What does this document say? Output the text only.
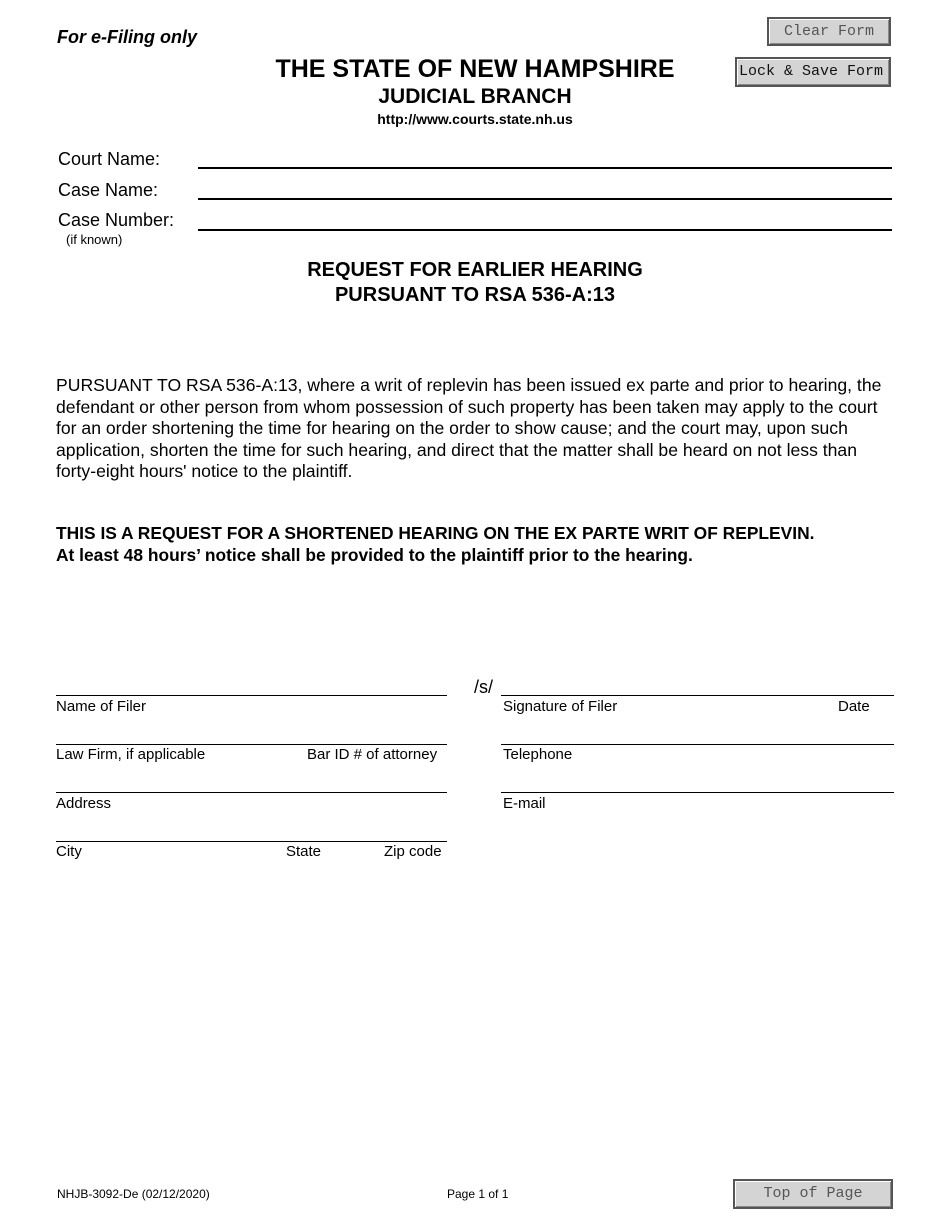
For e-Filing only
THE STATE OF NEW HAMPSHIRE
JUDICIAL BRANCH
http://www.courts.state.nh.us
Clear Form
Lock & Save Form
Court Name:
Case Name:
Case Number:
(if known)
REQUEST FOR EARLIER HEARING
PURSUANT TO RSA 536-A:13
PURSUANT TO RSA 536-A:13, where a writ of replevin has been issued ex parte and prior to hearing, the defendant or other person from whom possession of such property has been taken may apply to the court for an order shortening the time for hearing on the order to show cause; and the court may, upon such application, shorten the time for such hearing, and direct that the matter shall be heard on not less than forty-eight hours' notice to the plaintiff.
THIS IS A REQUEST FOR A SHORTENED HEARING ON THE EX PARTE WRIT OF REPLEVIN.
At least 48 hours’ notice shall be provided to the plaintiff prior to the hearing.
Name of Filer
Law Firm, if applicable	Bar ID # of attorney
Address
City	State	Zip code
/s/
Signature of Filer	Date
Telephone
E-mail
NHJB-3092-De (02/12/2020)	Page 1 of 1	Top of Page
